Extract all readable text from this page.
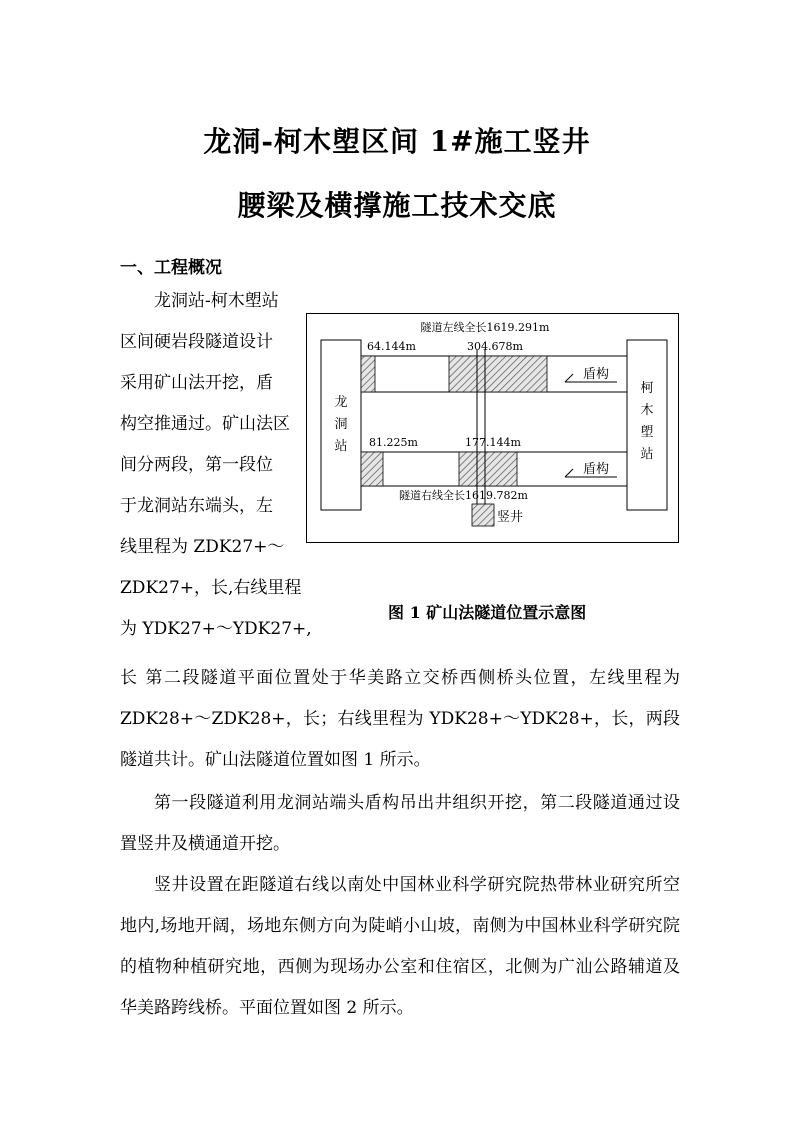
龙洞-柯木塱区间 1#施工竖井
腰梁及横撑施工技术交底
一、工程概况
龙洞站-柯木塱站
区间硬岩段隧道设计
采用矿山法开挖，盾
构空推通过。矿山法区
间分两段，第一段位
于龙洞站东端头，左
线里程为 ZDK27+～
ZDK27+，长,右线里程
为 YDK27+～YDK27+,
隧道左线全长1619.291m
64.144m	304.678m
81.225m	177.144m
隧道右线全长1619.782m
盾构
盾构
竖井
龙
洞
站
柯
木
塱
站
图 1 矿山法隧道位置示意图

长 第二段隧道平面位置处于华美路立交桥西侧桥头位置，左线里程为 ZDK28+～ZDK28+，长；右线里程为 YDK28+～YDK28+，长，两段隧道共计。矿山法隧道位置如图 1 所示。

第一段隧道利用龙洞站端头盾构吊出井组织开挖，第二段隧道通过设置竖井及横通道开挖。

竖井设置在距隧道右线以南处中国林业科学研究院热带林业研究所空地内,场地开阔，场地东侧方向为陡峭小山坡，南侧为中国林业科学研究院的植物种植研究地，西侧为现场办公室和住宿区，北侧为广汕公路辅道及华美路跨线桥。平面位置如图 2 所示。
